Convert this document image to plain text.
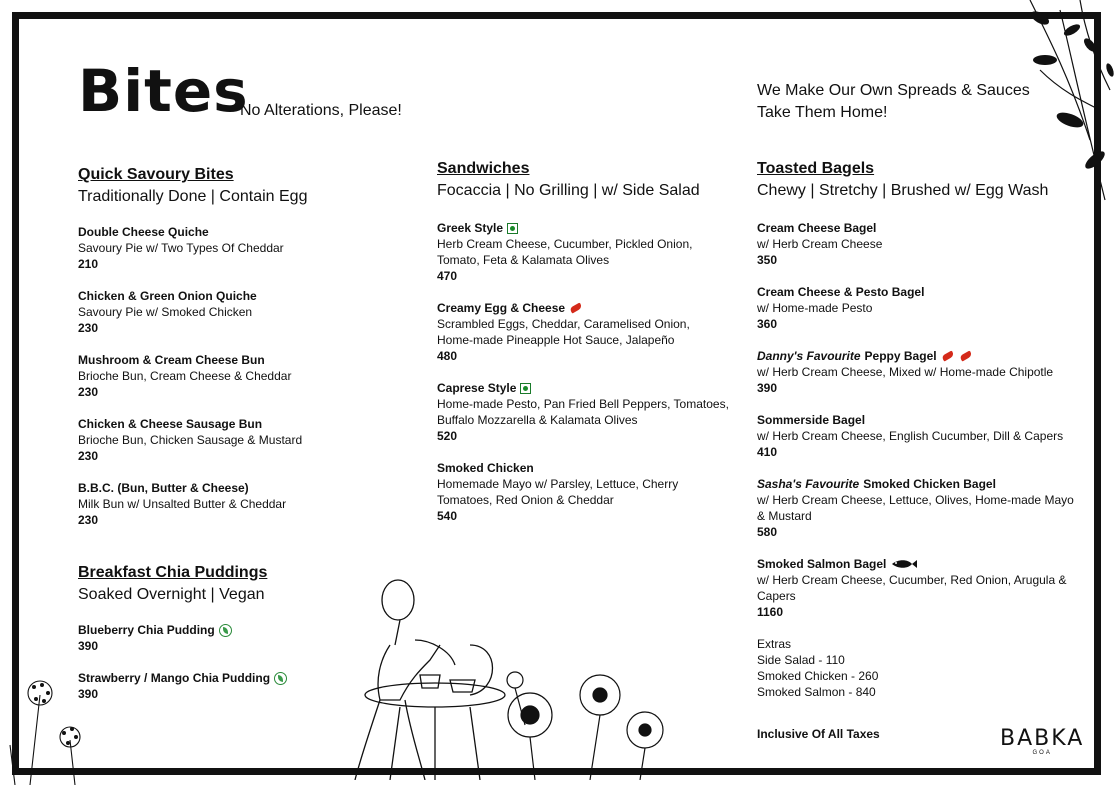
Bites
No Alterations, Please!
We Make Our Own Spreads & Sauces
Take Them Home!
Quick Savoury Bites
Traditionally Done | Contain Egg
Double Cheese Quiche
Savoury Pie w/ Two Types Of Cheddar
210
Chicken & Green Onion Quiche
Savoury Pie w/ Smoked Chicken
230
Mushroom & Cream Cheese Bun
Brioche Bun, Cream Cheese & Cheddar
230
Chicken & Cheese Sausage Bun
Brioche Bun, Chicken Sausage & Mustard
230
B.B.C. (Bun, Butter & Cheese)
Milk Bun w/ Unsalted Butter & Cheddar
230
Breakfast Chia Puddings
Soaked Overnight | Vegan
Blueberry Chia Pudding
390
Strawberry / Mango Chia Pudding
390
Sandwiches
Focaccia | No Grilling | w/ Side Salad
Greek Style
Herb Cream Cheese, Cucumber, Pickled Onion,
Tomato, Feta & Kalamata Olives
470
Creamy Egg & Cheese
Scrambled Eggs, Cheddar, Caramelised Onion,
Home-made Pineapple Hot Sauce, Jalapeño
480
Caprese Style
Home-made Pesto, Pan Fried Bell Peppers, Tomatoes,
Buffalo Mozzarella & Kalamata Olives
520
Smoked Chicken
Homemade Mayo w/ Parsley, Lettuce, Cherry
Tomatoes, Red Onion & Cheddar
540
Toasted Bagels
Chewy | Stretchy | Brushed w/ Egg Wash
Cream Cheese Bagel
w/ Herb Cream Cheese
350
Cream Cheese & Pesto Bagel
w/ Home-made Pesto
360
Danny's Favourite Peppy Bagel
w/ Herb Cream Cheese, Mixed w/ Home-made Chipotle
390
Sommerside Bagel
w/ Herb Cream Cheese, English Cucumber, Dill & Capers
410
Sasha's Favourite Smoked Chicken Bagel
w/ Herb Cream Cheese, Lettuce, Olives, Home-made Mayo
& Mustard
580
Smoked Salmon Bagel
w/ Herb Cream Cheese, Cucumber, Red Onion, Arugula &
Capers
1160
Extras
Side Salad - 110
Smoked Chicken - 260
Smoked Salmon - 840
Inclusive Of All Taxes	BABKA
GOA
